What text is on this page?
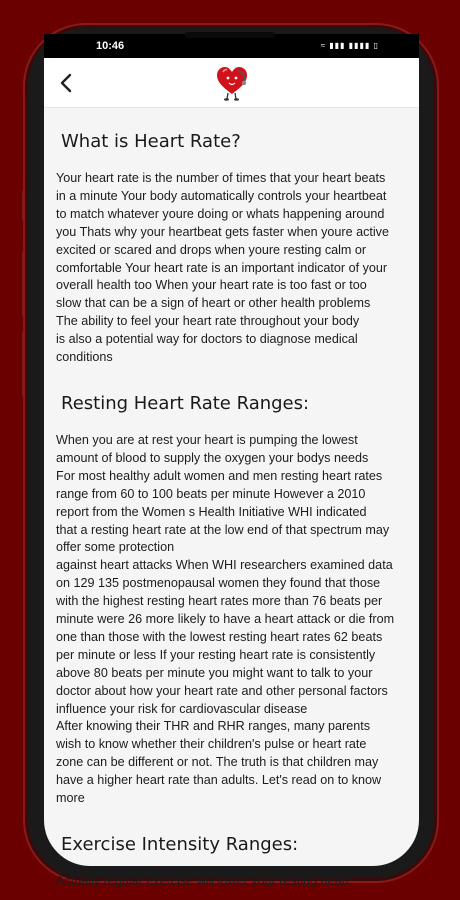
10:46	≈ ▮▮▮ ▮▮▮▮ ▯
What is Heart Rate?
Your heart rate is the number of times that your heart beats
in a minute Your body automatically controls your heartbeat
to match whatever youre doing or whats happening around
you Thats why your heartbeat gets faster when youre active
excited or scared and drops when youre resting calm or
comfortable Your heart rate is an important indicator of your
overall health too When your heart rate is too fast or too
slow that can be a sign of heart or other health problems
The ability to feel your heart rate throughout your body
is also a potential way for doctors to diagnose medical
conditions
Resting Heart Rate Ranges:
When you are at rest your heart is pumping the lowest
amount of blood to supply the oxygen your bodys needs
For most healthy adult women and men resting heart rates
range from 60 to 100 beats per minute However a 2010
report from the Women s Health Initiative WHI indicated
that a resting heart rate at the low end of that spectrum may
offer some protection
against heart attacks When WHI researchers examined data
on 129 135 postmenopausal women they found that those
with the highest resting heart rates more than 76 beats per
minute were 26 more likely to have a heart attack or die from
one than those with the lowest resting heart rates 62 beats
per minute or less If your resting heart rate is consistently
above 80 beats per minute you might want to talk to your
doctor about how your heart rate and other personal factors
influence your risk for cardiovascular disease
After knowing their THR and RHR ranges, many parents
wish to know whether their children's pulse or heart rate
zone can be different or not. The truth is that children may
have a higher heart rate than adults. Let's read on to know
more
Exercise Intensity Ranges:
Actually regular exercise will lower your resting heart
